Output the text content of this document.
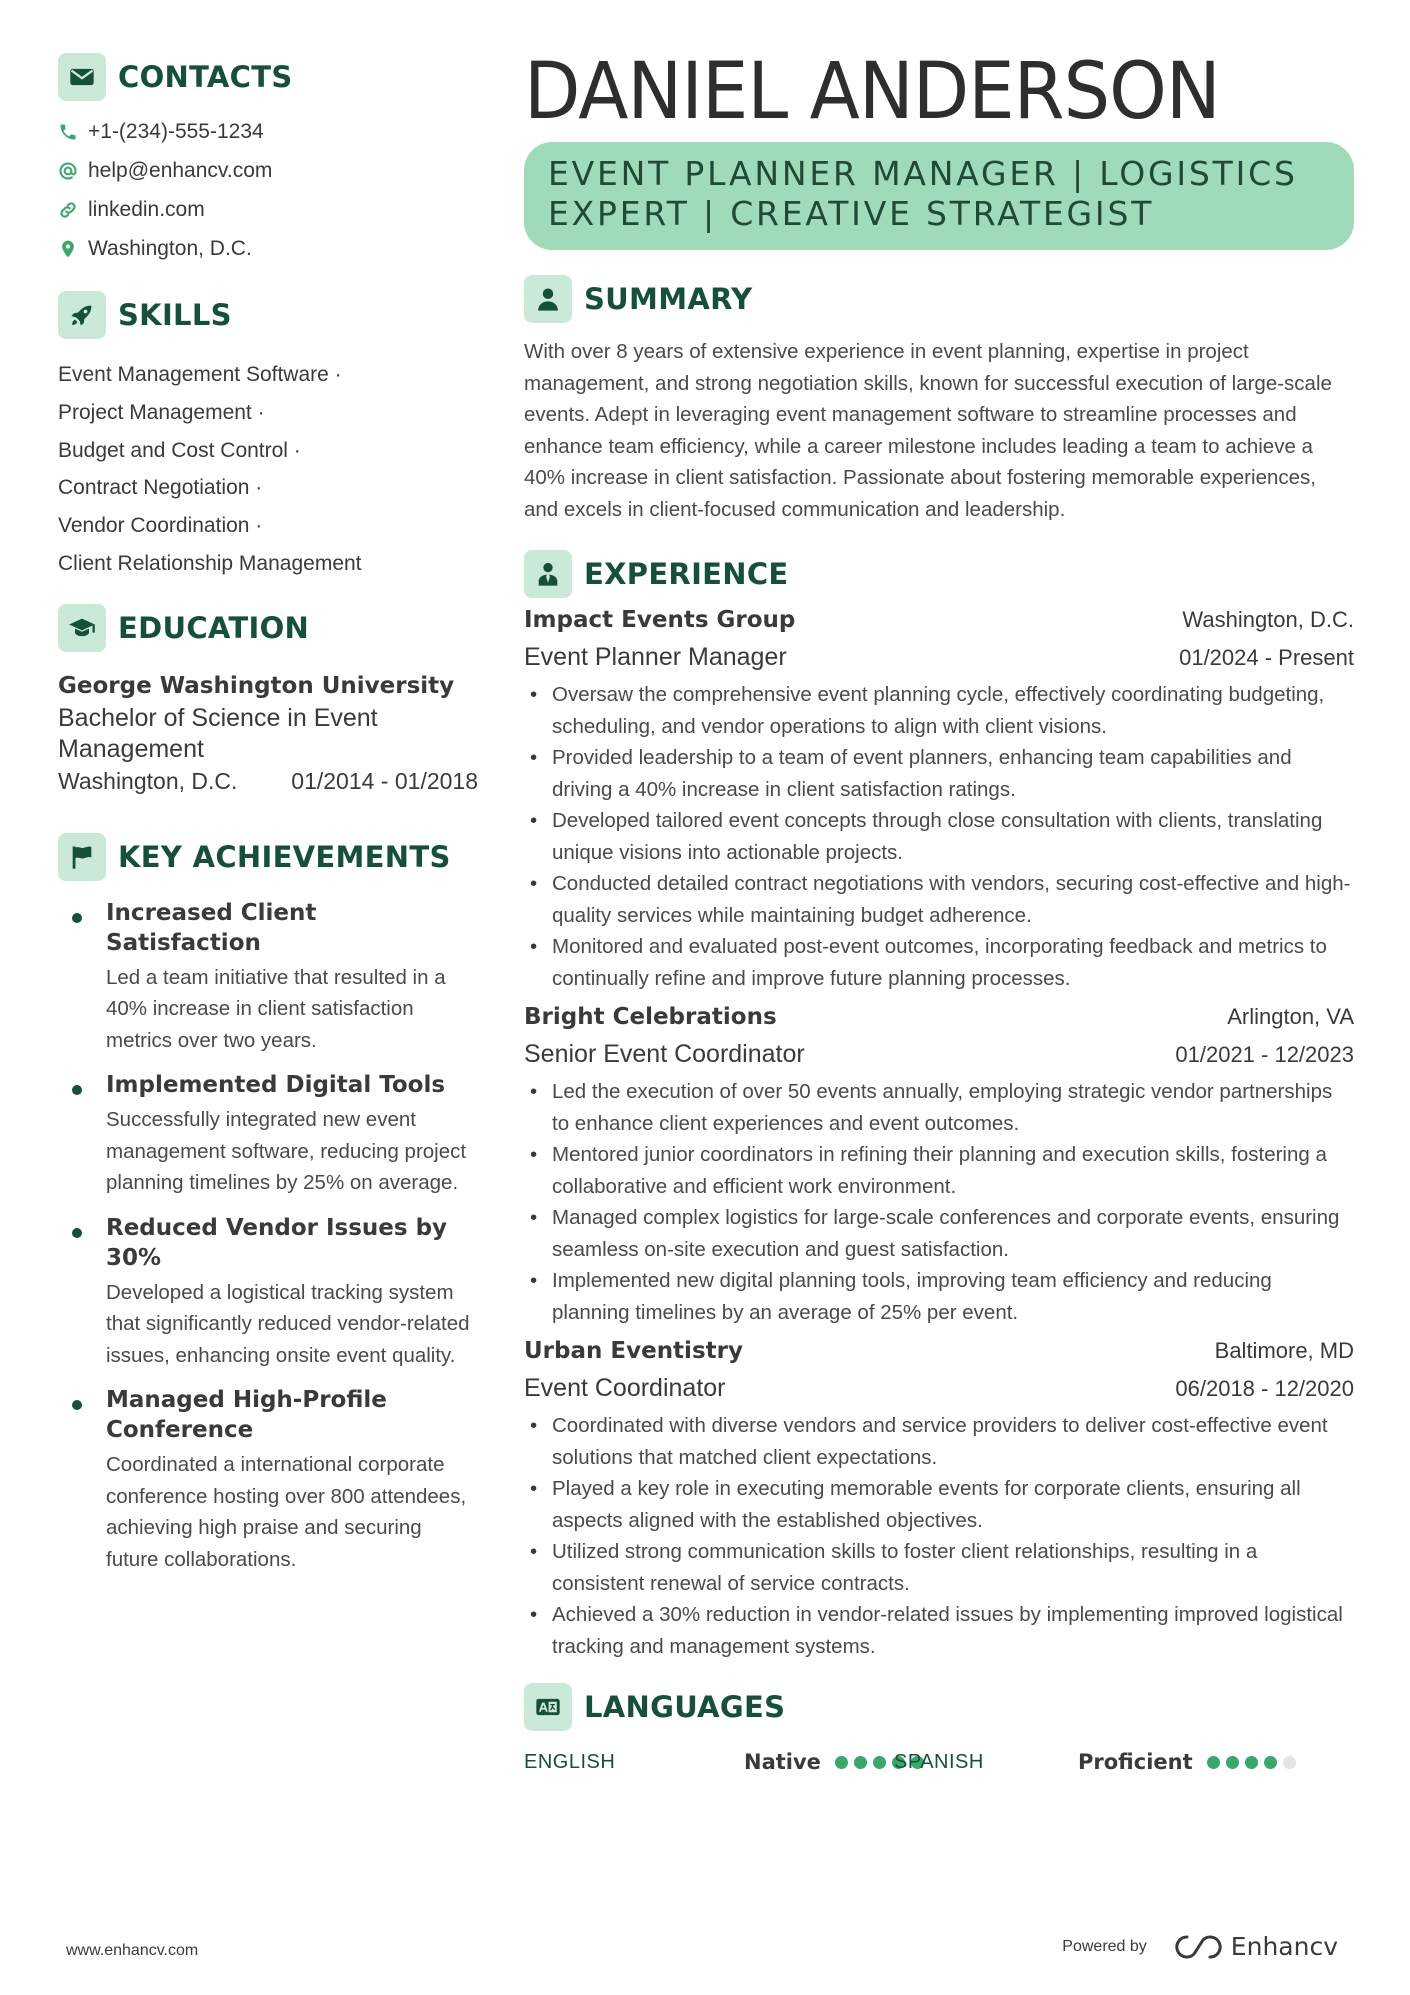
CONTACTS
+1-(234)-555-1234
help@enhancv.com
linkedin.com
Washington, D.C.
SKILLS
Event Management Software ·
Project Management ·
Budget and Cost Control ·
Contract Negotiation ·
Vendor Coordination ·
Client Relationship Management
EDUCATION
George Washington University
Bachelor of Science in Event Management
Washington, D.C. 01/2014 - 01/2018
KEY ACHIEVEMENTS
Increased Client Satisfaction
Led a team initiative that resulted in a 40% increase in client satisfaction metrics over two years.
Implemented Digital Tools
Successfully integrated new event management software, reducing project planning timelines by 25% on average.
Reduced Vendor Issues by 30%
Developed a logistical tracking system that significantly reduced vendor-related issues, enhancing onsite event quality.
Managed High-Profile Conference
Coordinated a international corporate conference hosting over 800 attendees, achieving high praise and securing future collaborations.
DANIEL ANDERSON
EVENT PLANNER MANAGER | LOGISTICS
EXPERT | CREATIVE STRATEGIST
SUMMARY
With over 8 years of extensive experience in event planning, expertise in project management, and strong negotiation skills, known for successful execution of large-scale events. Adept in leveraging event management software to streamline processes and enhance team efficiency, while a career milestone includes leading a team to achieve a 40% increase in client satisfaction. Passionate about fostering memorable experiences, and excels in client-focused communication and leadership.
EXPERIENCE
Impact Events Group	Washington, D.C.
Event Planner Manager	01/2024 - Present
• Oversaw the comprehensive event planning cycle, effectively coordinating budgeting, scheduling, and vendor operations to align with client visions.
• Provided leadership to a team of event planners, enhancing team capabilities and driving a 40% increase in client satisfaction ratings.
• Developed tailored event concepts through close consultation with clients, translating unique visions into actionable projects.
• Conducted detailed contract negotiations with vendors, securing cost-effective and high-quality services while maintaining budget adherence.
• Monitored and evaluated post-event outcomes, incorporating feedback and metrics to continually refine and improve future planning processes.
Bright Celebrations	Arlington, VA
Senior Event Coordinator	01/2021 - 12/2023
• Led the execution of over 50 events annually, employing strategic vendor partnerships to enhance client experiences and event outcomes.
• Mentored junior coordinators in refining their planning and execution skills, fostering a collaborative and efficient work environment.
• Managed complex logistics for large-scale conferences and corporate events, ensuring seamless on-site execution and guest satisfaction.
• Implemented new digital planning tools, improving team efficiency and reducing planning timelines by an average of 25% per event.
Urban Eventistry	Baltimore, MD
Event Coordinator	06/2018 - 12/2020
• Coordinated with diverse vendors and service providers to deliver cost-effective event solutions that matched client expectations.
• Played a key role in executing memorable events for corporate clients, ensuring all aspects aligned with the established objectives.
• Utilized strong communication skills to foster client relationships, resulting in a consistent renewal of service contracts.
• Achieved a 30% reduction in vendor-related issues by implementing improved logistical tracking and management systems.
LANGUAGES
ENGLISH	Native	SPANISH	Proficient
www.enhancv.com	Powered by	Enhancv
